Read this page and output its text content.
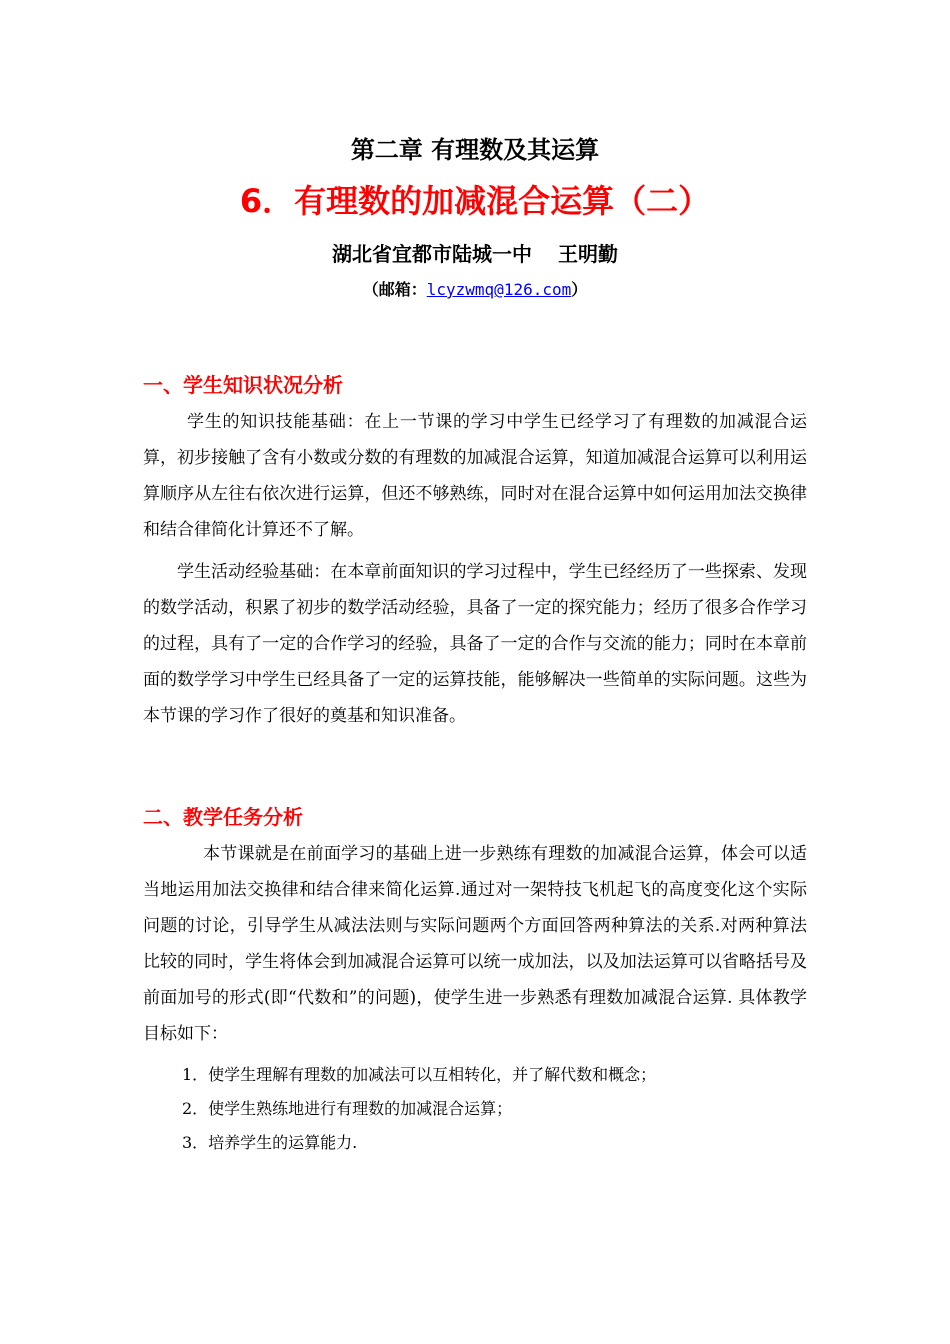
第二章 有理数及其运算
6．有理数的加减混合运算（二）
湖北省宜都市陆城一中 王明勤
（邮箱：lcyzwmq@126.com）
一、学生知识状况分析

学生的知识技能基础：在上一节课的学习中学生已经学习了有理数的加减混合运算，初步接触了含有小数或分数的有理数的加减混合运算，知道加减混合运算可以利用运算顺序从左往右依次进行运算，但还不够熟练，同时对在混合运算中如何运用加法交换律和结合律简化计算还不了解。

学生活动经验基础：在本章前面知识的学习过程中，学生已经经历了一些探索、发现的数学活动，积累了初步的数学活动经验，具备了一定的探究能力；经历了很多合作学习的过程，具有了一定的合作学习的经验，具备了一定的合作与交流的能力；同时在本章前面的数学学习中学生已经具备了一定的运算技能，能够解决一些简单的实际问题。这些为本节课的学习作了很好的奠基和知识准备。

二、教学任务分析

本节课就是在前面学习的基础上进一步熟练有理数的加减混合运算，体会可以适当地运用加法交换律和结合律来简化运算.通过对一架特技飞机起飞的高度变化这个实际问题的讨论，引导学生从减法法则与实际问题两个方面回答两种算法的关系.对两种算法比较的同时，学生将体会到加减混合运算可以统一成加法，以及加法运算可以省略括号及前面加号的形式(即“代数和”的问题)，使学生进一步熟悉有理数加减混合运算. 具体教学目标如下：

1．使学生理解有理数的加减法可以互相转化，并了解代数和概念；

2．使学生熟练地进行有理数的加减混合运算；

3．培养学生的运算能力.
